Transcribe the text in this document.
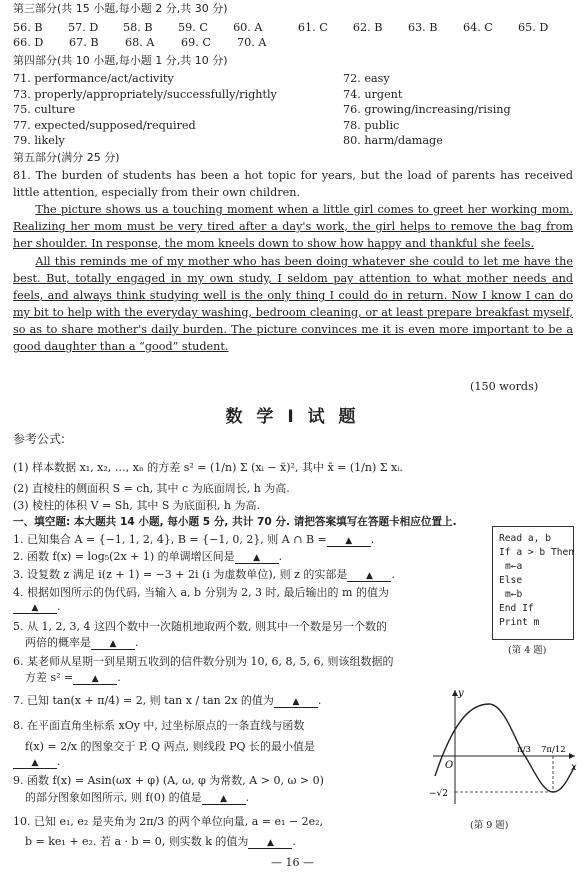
第三部分(共 15 小题,每小题 2 分,共 30 分)
56. B	57. D	58. B	59. C	60. A	61. C	62. B	63. B	64. C	65. D
66. D	67. B	68. A	69. C	70. A
第四部分(共 10 小题,每小题 1 分,共 10 分)
71. performance/act/activity	72. easy
73. properly/appropriately/successfully/rightly	74. urgent
75. culture	76. growing/increasing/rising
77. expected/supposed/required	78. public
79. likely	80. harm/damage
第五部分(满分 25 分)
81. The burden of students has been a hot topic for years, but the load of parents has received little attention, especially from their own children.
The picture shows us a touching moment when a little girl comes to greet her working mom. Realizing her mom must be very tired after a day's work, the girl helps to remove the bag from her shoulder. In response, the mom kneels down to show how happy and thankful she feels.
All this reminds me of my mother who has been doing whatever she could to let me have the best. But, totally engaged in my own study, I seldom pay attention to what mother needs and feels, and always think studying well is the only thing I could do in return. Now I know I can do my bit to help with the everyday washing, bedroom cleaning, or at least prepare breakfast myself, so as to share mother's daily burden. The picture convinces me it is even more important to be a good daughter than a “good” student.
(150 words)
数 学 Ⅰ 试 题
参考公式:
(1) 样本数据 x₁, x₂, …, xₙ 的方差 s² = (1/n) Σ (xᵢ − x̄)², 其中 x̄ = (1/n) Σ xᵢ.
(2) 直棱柱的侧面积 S = ch, 其中 c 为底面周长, h 为高.
(3) 棱柱的体积 V = Sh, 其中 S 为底面积, h 为高.
一、填空题: 本大题共 14 小题, 每小题 5 分, 共计 70 分. 请把答案填写在答题卡相应位置上.
1. 已知集合 A = {−1, 1, 2, 4}, B = {−1, 0, 2}, 则 A ∩ B = ▲ .
2. 函数 f(x) = log₅(2x + 1) 的单调增区间是 ▲ .
3. 设复数 z 满足 i(z + 1) = −3 + 2i (i 为虚数单位), 则 z 的实部是 ▲ .
4. 根据如图所示的伪代码, 当输入 a, b 分别为 2, 3 时, 最后输出的 m 的值为
▲ .
5. 从 1, 2, 3, 4 这四个数中一次随机地取两个数, 则其中一个数是另一个数的
两倍的概率是 ▲ .
6. 某老师从星期一到星期五收到的信件数分别为 10, 6, 8, 5, 6, 则该组数据的
方差 s² = ▲ .
7. 已知 tan(x + π/4) = 2, 则 tan x / tan 2x 的值为 ▲ .
8. 在平面直角坐标系 xOy 中, 过坐标原点的一条直线与函数
f(x) = 2/x 的图象交于 P, Q 两点, 则线段 PQ 长的最小值是
▲ .
9. 函数 f(x) = Asin(ωx + φ) (A, ω, φ 为常数, A > 0, ω > 0)
的部分图象如图所示, 则 f(0) 的值是 ▲ .
10. 已知 e₁, e₂ 是夹角为 2π/3 的两个单位向量, a = e₁ − 2e₂,
b = ke₁ + e₂. 若 a · b = 0, 则实数 k 的值为 ▲ .
Read a, b
If a > b Then
m←a
Else
m←b
End If
Print m
(第 4 题)
y
x
O
π/3 7π/12
−√2
(第 9 题)
— 16 —
